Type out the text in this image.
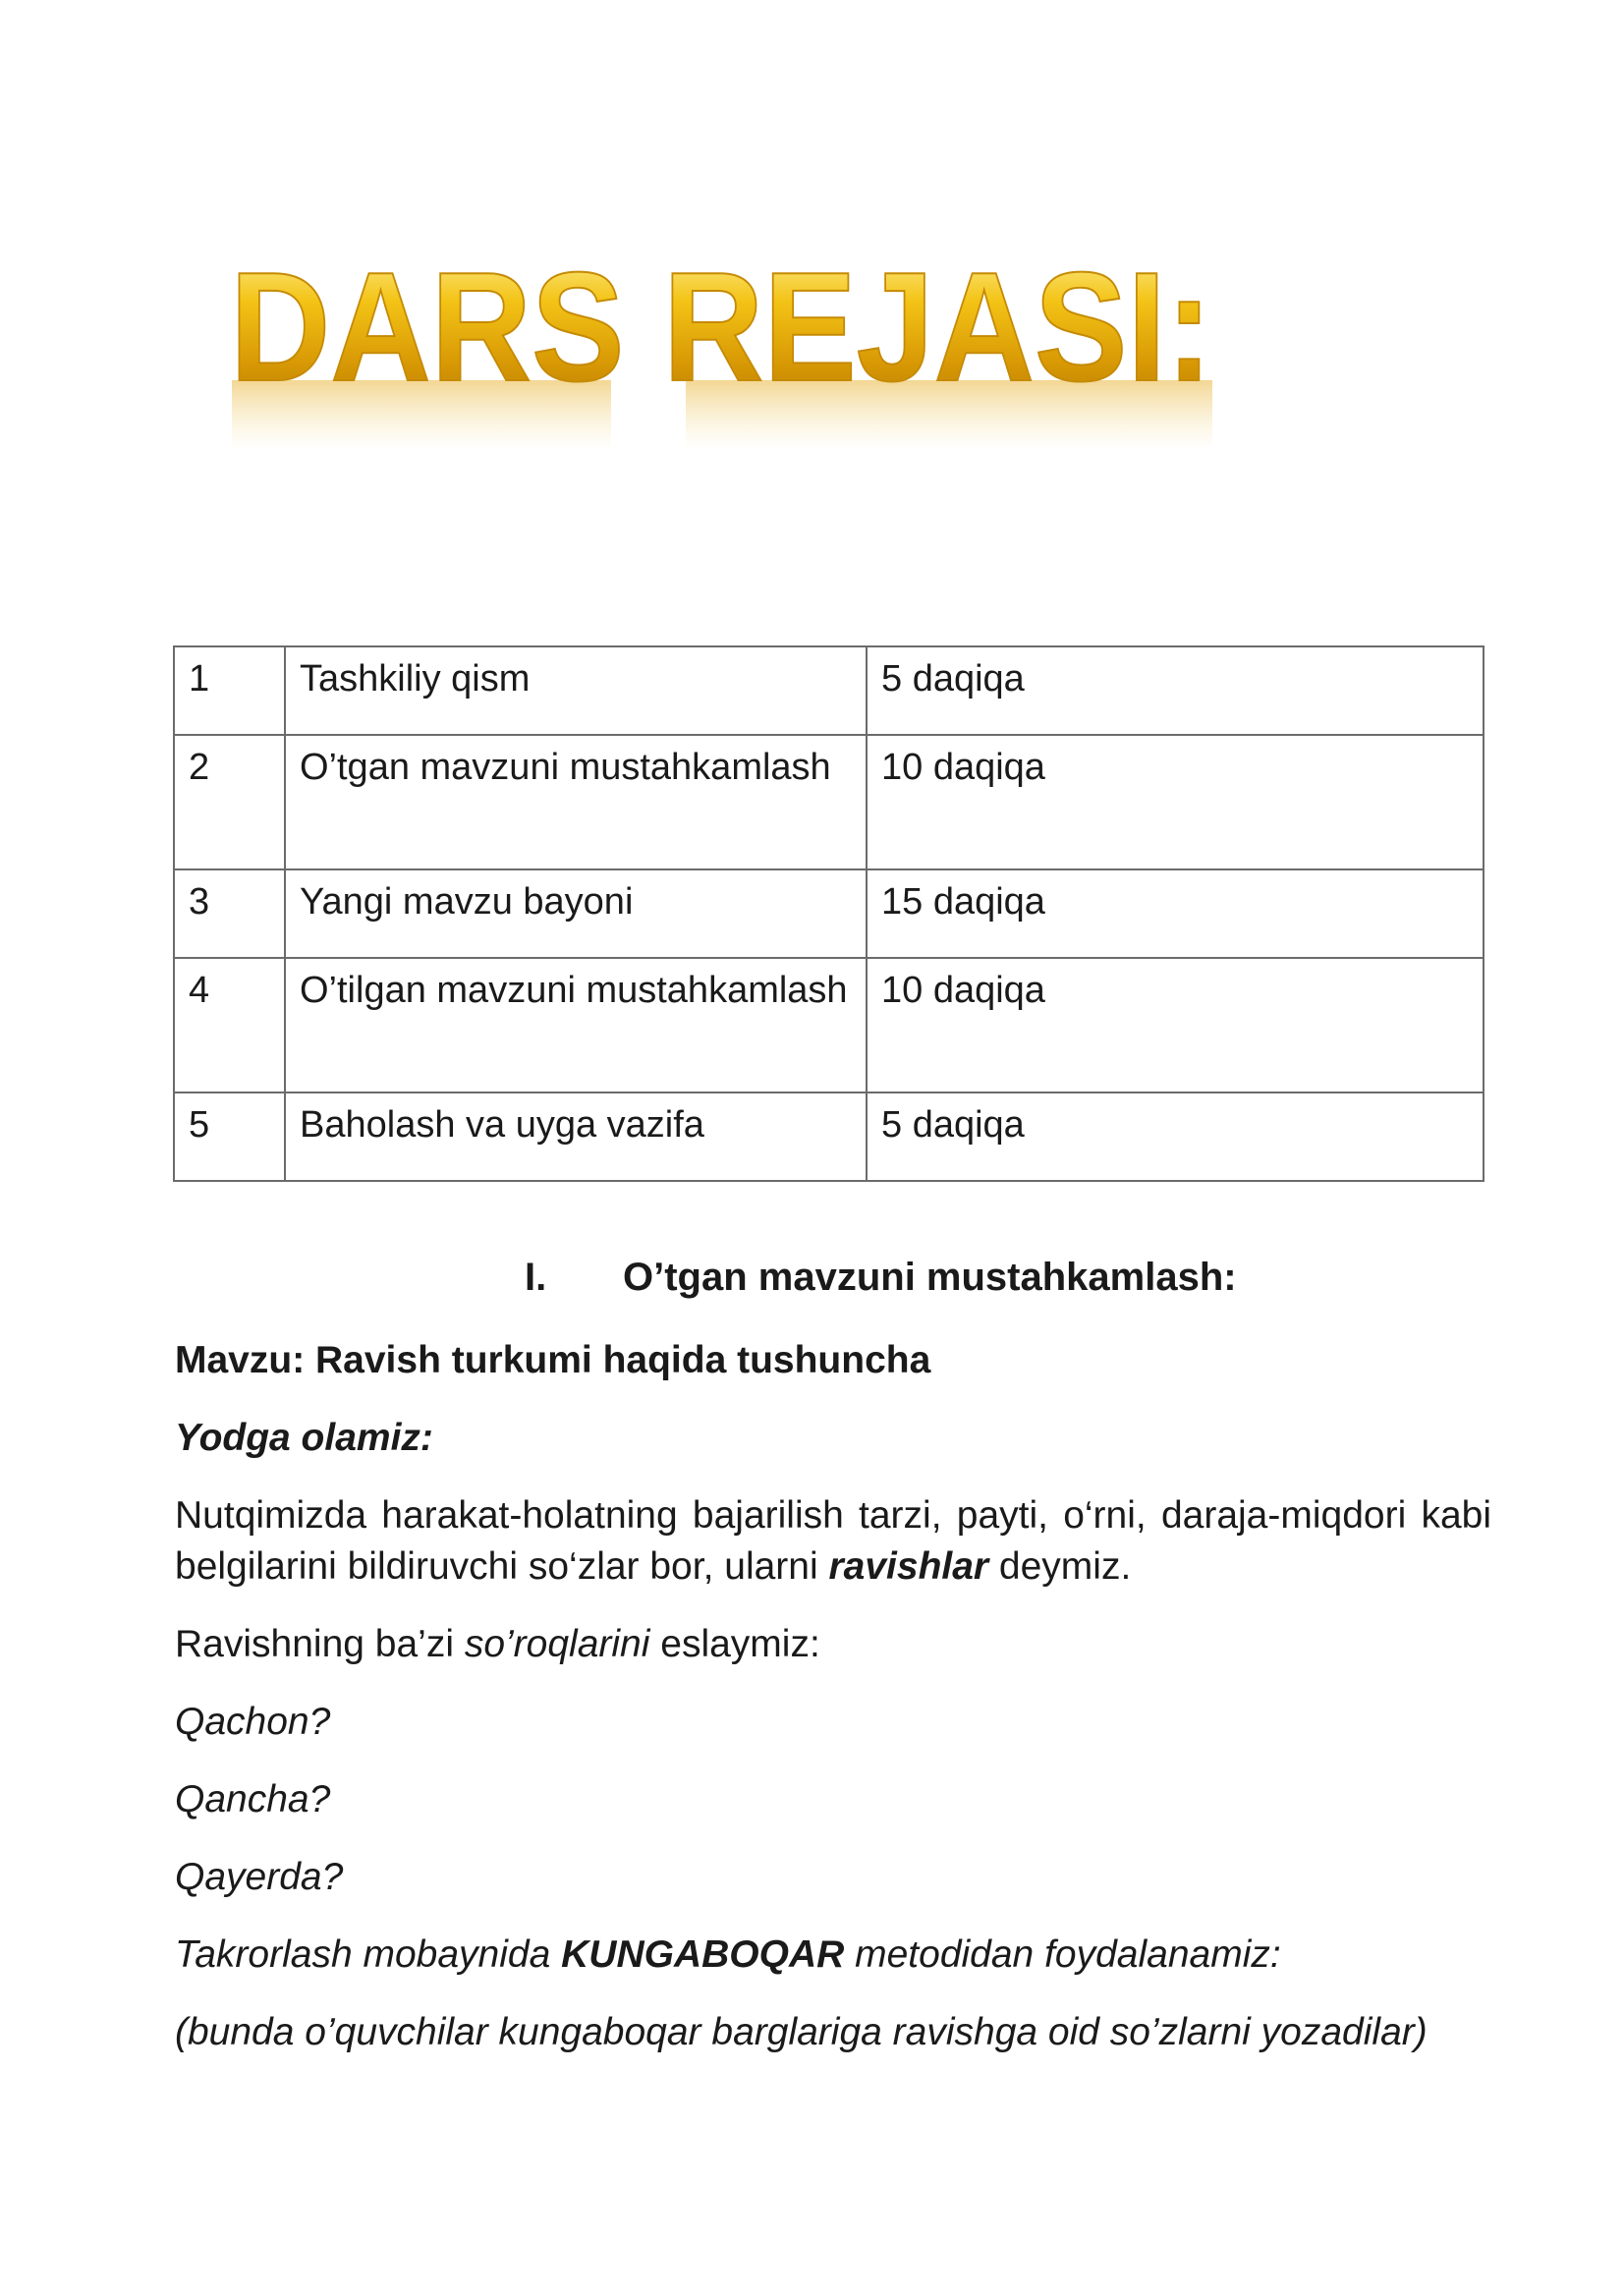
DARS REJASI:
1	Tashkiliy qism	5 daqiqa
2	O’tgan mavzuni mustahkamlash	10 daqiqa
3	Yangi mavzu bayoni	15 daqiqa
4	O’tilgan mavzuni mustahkamlash	10 daqiqa
5	Baholash va uyga vazifa	5 daqiqa
I. O’tgan mavzuni mustahkamlash:
Mavzu: Ravish turkumi haqida tushuncha
Yodga olamiz:
Nutqimizda harakat-holatning bajarilish tarzi, payti, o‘rni, daraja-miqdori kabi belgilarini bildiruvchi so‘zlar bor, ularni ravishlar deymiz.
Ravishning ba’zi so’roqlarini eslaymiz:
Qachon?
Qancha?
Qayerda?
Takrorlash mobaynida KUNGABOQAR metodidan foydalanamiz:
(bunda o’quvchilar kungaboqar barglariga ravishga oid so’zlarni yozadilar)
